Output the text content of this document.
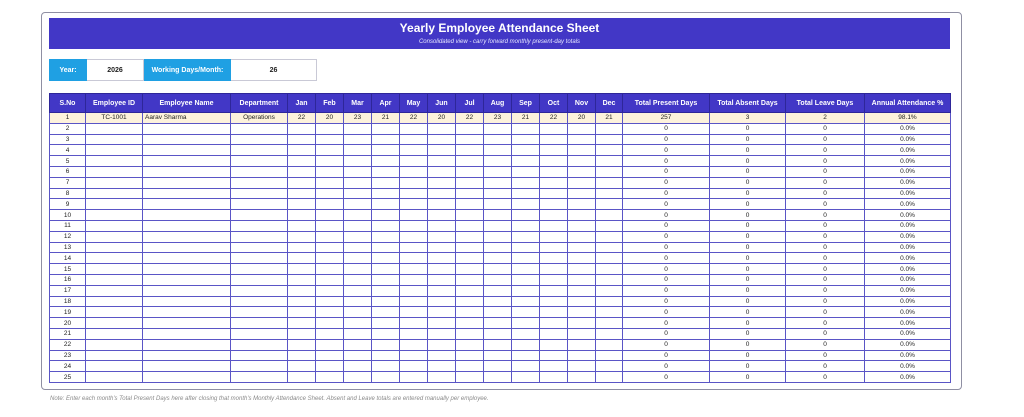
Yearly Employee Attendance Sheet
Consolidated view - carry forward monthly present-day totals
Year:	2026	Working Days/Month:	26
S.No	Employee ID	Employee Name	Department	Jan	Feb	Mar	Apr	May	Jun	Jul	Aug	Sep	Oct	Nov	Dec	Total Present Days	Total Absent Days	Total Leave Days	Annual Attendance %
1	TC-1001	Aarav Sharma	Operations	22	20	23	21	22	20	22	23	21	22	20	21	257	3	2	98.1%
2																0	0	0	0.0%
3																0	0	0	0.0%
4																0	0	0	0.0%
5																0	0	0	0.0%
6																0	0	0	0.0%
7																0	0	0	0.0%
8																0	0	0	0.0%
9																0	0	0	0.0%
10																0	0	0	0.0%
11																0	0	0	0.0%
12																0	0	0	0.0%
13																0	0	0	0.0%
14																0	0	0	0.0%
15																0	0	0	0.0%
16																0	0	0	0.0%
17																0	0	0	0.0%
18																0	0	0	0.0%
19																0	0	0	0.0%
20																0	0	0	0.0%
21																0	0	0	0.0%
22																0	0	0	0.0%
23																0	0	0	0.0%
24																0	0	0	0.0%
25																0	0	0	0.0%
Note: Enter each month's Total Present Days here after closing that month's Monthly Attendance Sheet. Absent and Leave totals are entered manually per employee.
